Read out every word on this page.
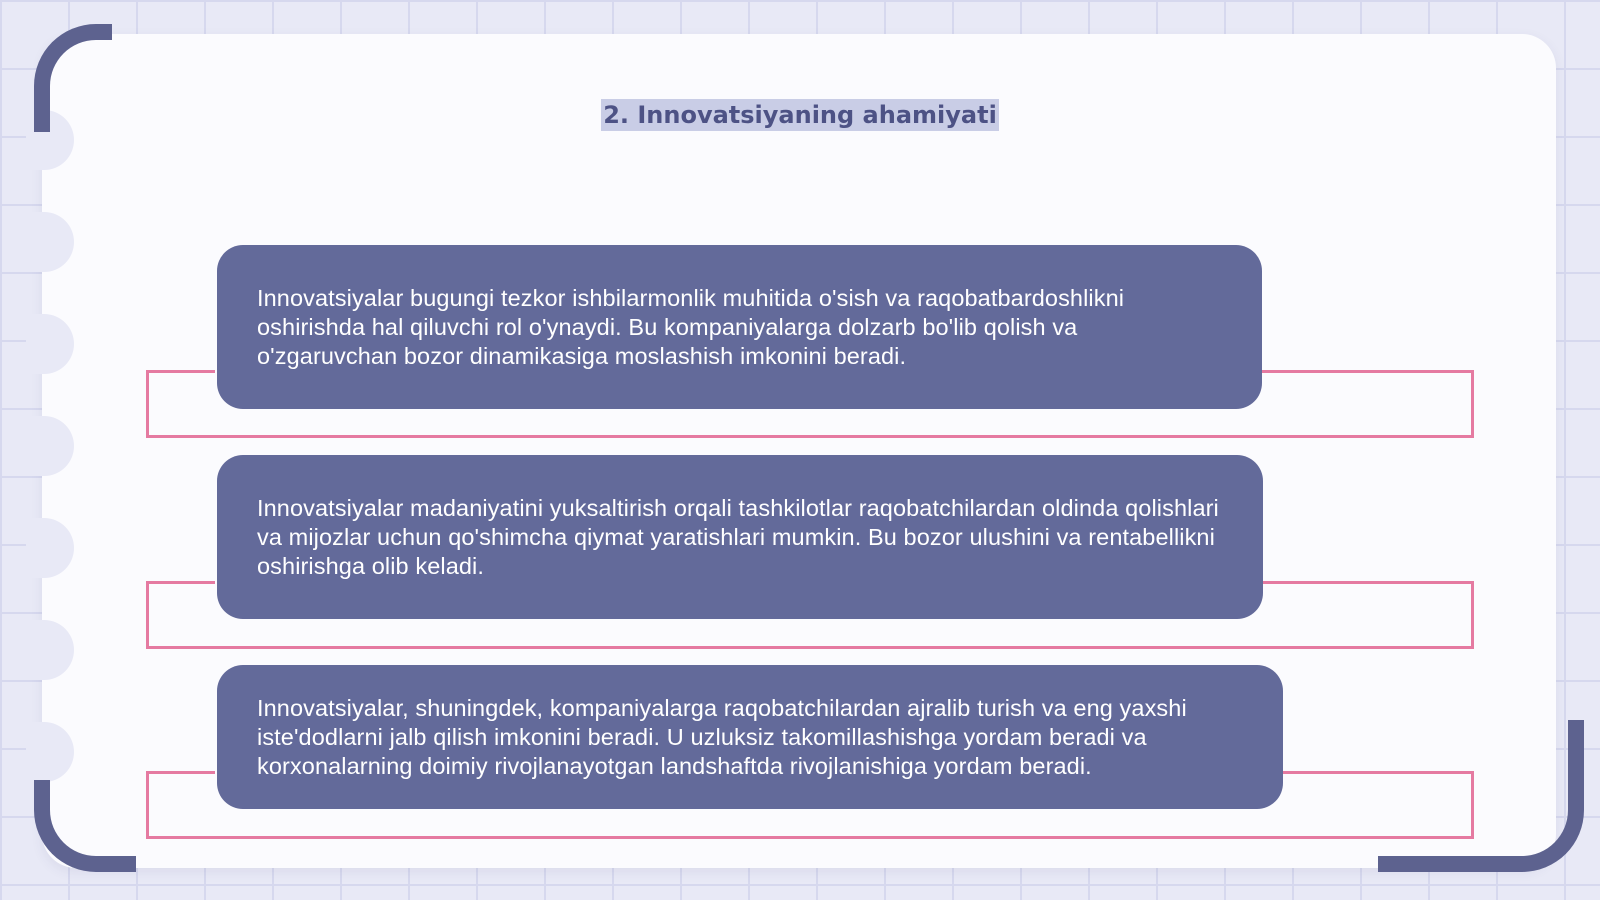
2. Innovatsiyaning ahamiyati

Innovatsiyalar bugungi tezkor ishbilarmonlik muhitida o'sish va raqobatbardoshlikni oshirishda hal qiluvchi rol o'ynaydi. Bu kompaniyalarga dolzarb bo'lib qolish va o'zgaruvchan bozor dinamikasiga moslashish imkonini beradi.

Innovatsiyalar madaniyatini yuksaltirish orqali tashkilotlar raqobatchilardan oldinda qolishlari va mijozlar uchun qo'shimcha qiymat yaratishlari mumkin. Bu bozor ulushini va rentabellikni oshirishga olib keladi.

Innovatsiyalar, shuningdek, kompaniyalarga raqobatchilardan ajralib turish va eng yaxshi iste'dodlarni jalb qilish imkonini beradi. U uzluksiz takomillashishga yordam beradi va korxonalarning doimiy rivojlanayotgan landshaftda rivojlanishiga yordam beradi.
